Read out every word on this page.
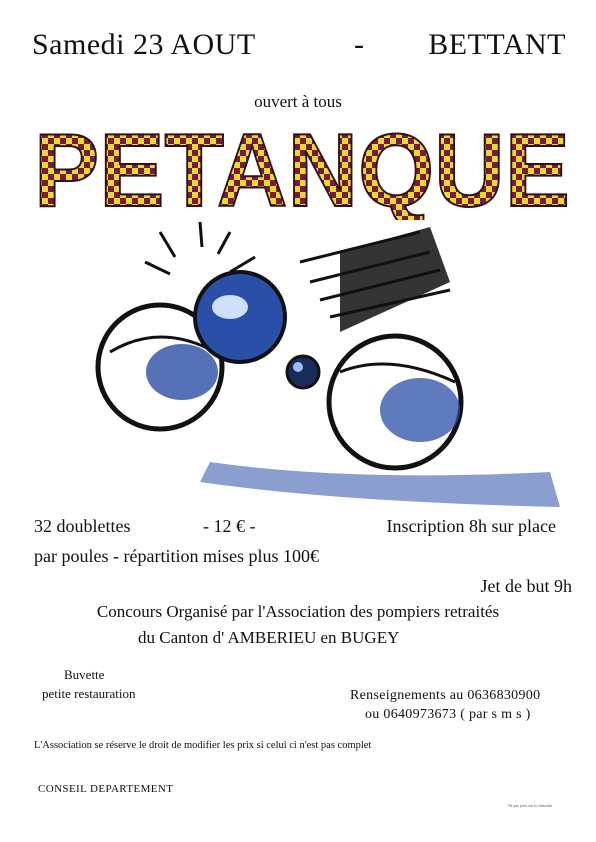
Samedi 23 AOUT	- BETTANT
ouvert à tous
PETANQUE
32 doublettes	- 12 € -	Inscription 8h sur place
par poules - répartition mises plus 100€
Jet de but 9h
Concours Organisé par l'Association des pompiers retraités
du Canton d' AMBERIEU en BUGEY
Buvette
petite restauration	Renseignements au 0636830900
ou 0640973673 ( par s m s )
L'Association se réserve le droit de modifier les prix si celui ci n'est pas complet
CONSEIL DEPARTEMENT
Ne pas jeter sur la chaussée
